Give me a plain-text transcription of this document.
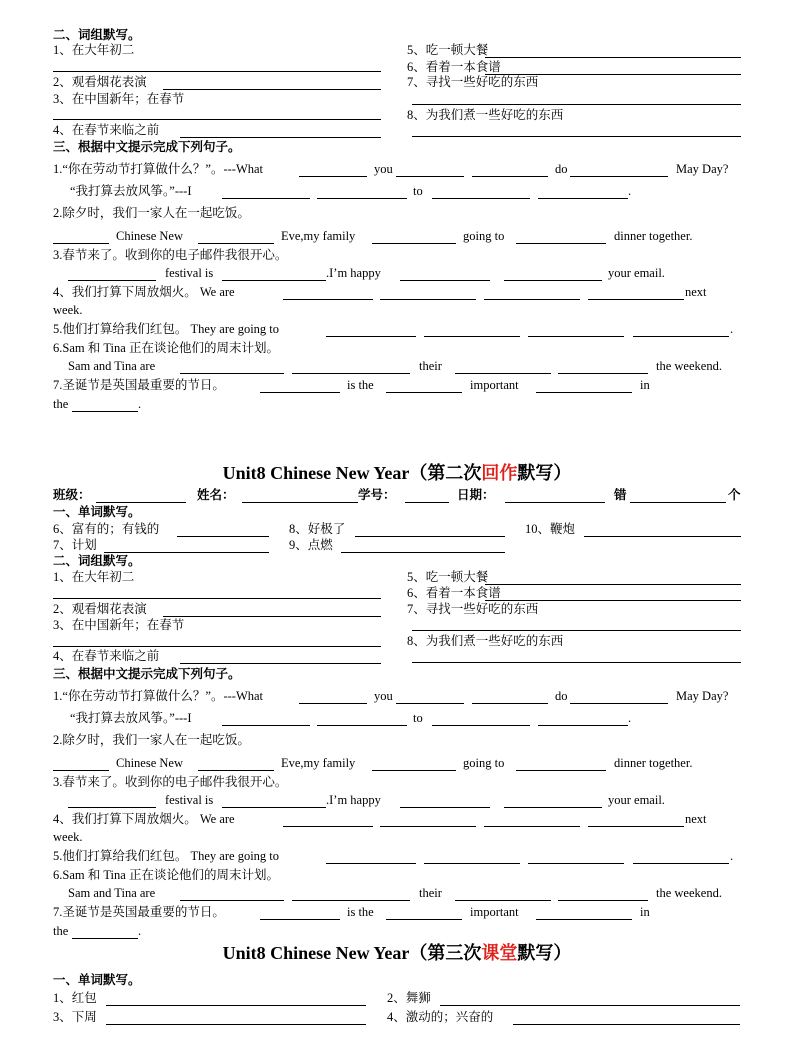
二、词组默写。
1、在大年初二
2、观看烟花表演
3、在中国新年；在春节
4、在春节来临之前
5、吃一顿大餐
6、看着一本食谱
7、寻找一些好吃的东西
8、为我们煮一些好吃的东西
三、根据中文提示完成下列句子。
1.“你在劳动节打算做什么？”。---What	you	do	May Day?
“我打算去放风筝。”---I	to	.
2.除夕时，我们一家人在一起吃饭。
Chinese New	Eve,my family	going to	dinner together.
3.春节来了。收到你的电子邮件我很开心。
festival is	.I’m happy	your email.
4、我们打算下周放烟火。 We are	next
week.
5.他们打算给我们红包。 They are going to	.
6.Sam 和 Tina 正在谈论他们的周末计划。
Sam and Tina are	their	the weekend.
7.圣诞节是英国最重要的节日。	is the	important	in
the	.
Unit8 Chinese New Year（第二次回作默写）
班级：	姓名：	学号：	日期：	错	个
一、单词默写。
6、富有的；有钱的
7、计划
8、好极了
9、点燃
10、鞭炮
二、词组默写。
1、在大年初二
2、观看烟花表演
3、在中国新年；在春节
4、在春节来临之前
5、吃一顿大餐
6、看着一本食谱
7、寻找一些好吃的东西
8、为我们煮一些好吃的东西
三、根据中文提示完成下列句子。
1.“你在劳动节打算做什么？”。---What	you	do	May Day?
“我打算去放风筝。”---I	to	.
2.除夕时，我们一家人在一起吃饭。
Chinese New	Eve,my family	going to	dinner together.
3.春节来了。收到你的电子邮件我很开心。
festival is	.I’m happy	your email.
4、我们打算下周放烟火。 We are	next
week.
5.他们打算给我们红包。 They are going to	.
6.Sam 和 Tina 正在谈论他们的周末计划。
Sam and Tina are	their	the weekend.
7.圣诞节是英国最重要的节日。	is the	important	in
the	.
Unit8 Chinese New Year（第三次课堂默写）
一、单词默写。
1、红包
3、下周
2、舞狮
4、激动的；兴奋的
